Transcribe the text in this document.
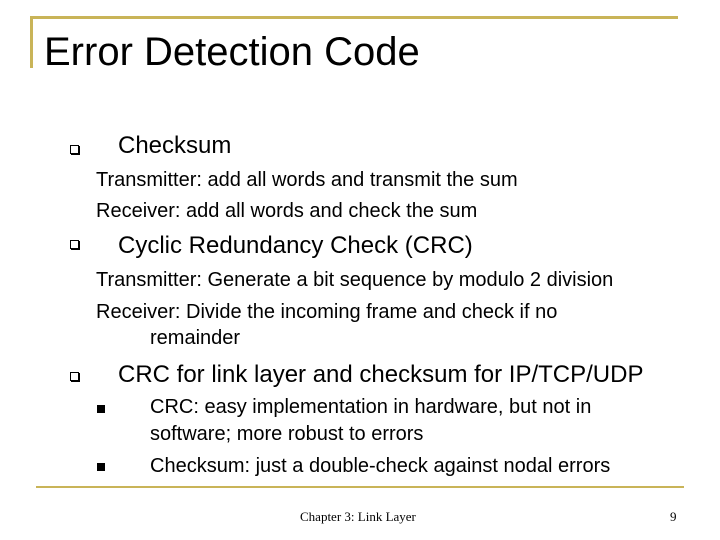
Error Detection Code
Checksum
Transmitter: add all words and transmit the sum
Receiver: add all words and check the sum
Cyclic Redundancy Check (CRC)
Transmitter: Generate a bit sequence by modulo 2 division
Receiver: Divide the incoming frame and check if no
remainder
CRC for link layer and checksum for IP/TCP/UDP
CRC: easy implementation in hardware, but not in
software; more robust to errors
Checksum: just a double-check against nodal errors
Chapter 3: Link Layer	9
